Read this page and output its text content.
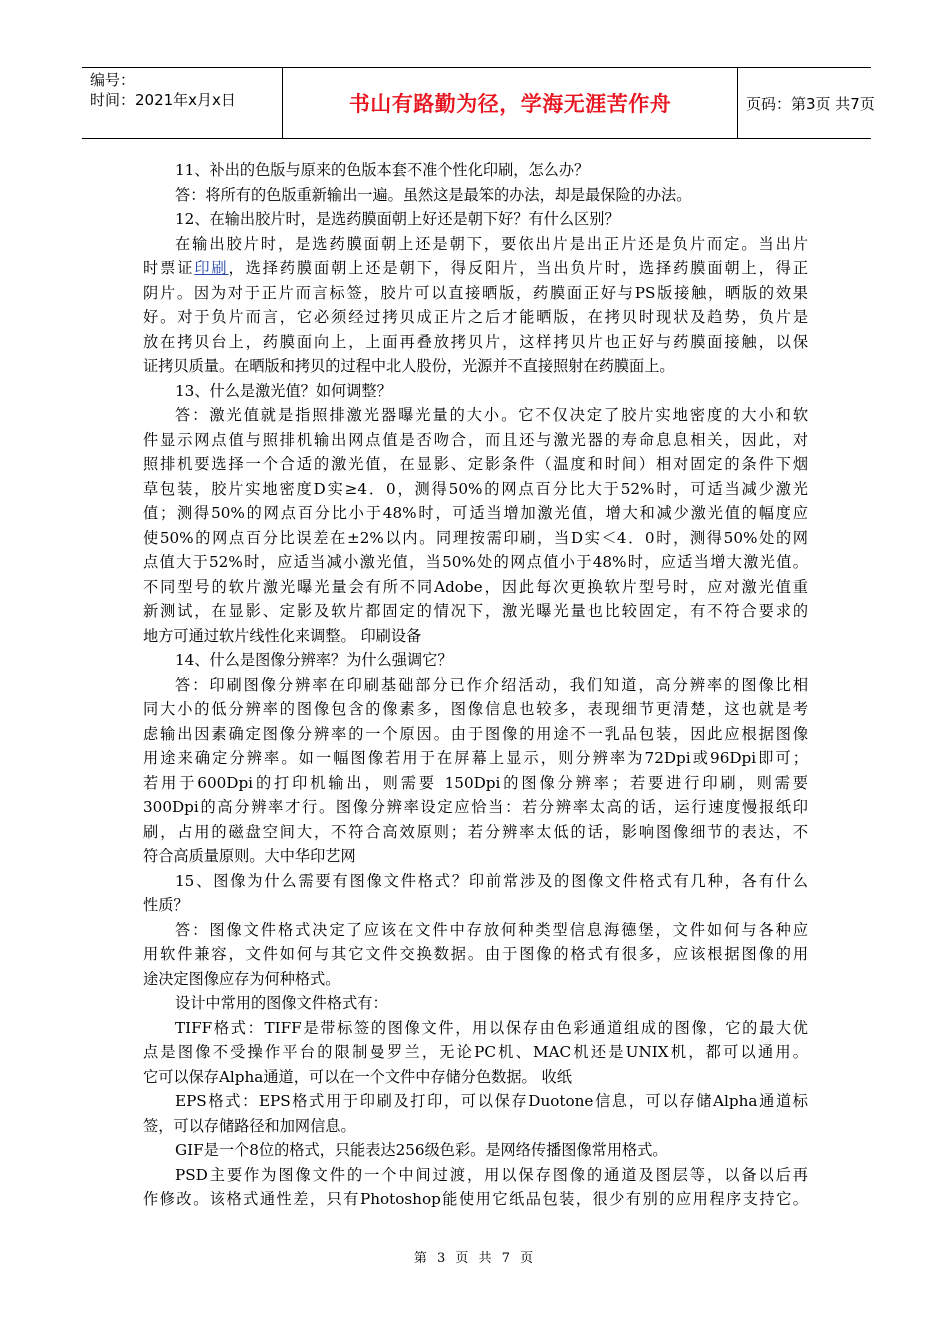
编号：
时间：2021年x月x日	书山有路勤为径，学海无涯苦作舟	页码：第3页 共7页
11、补出的色版与原来的色版本套不准个性化印刷，怎么办？
答：将所有的色版重新输出一遍。虽然这是最笨的办法，却是最保险的办法。
12、在输出胶片时，是选药膜面朝上好还是朝下好？有什么区别？
在输出胶片时，是选药膜面朝上还是朝下，要依出片是出正片还是负片而定。当出片
时票证印刷，选择药膜面朝上还是朝下，得反阳片，当出负片时，选择药膜面朝上，得正
阴片。因为对于正片而言标签，胶片可以直接晒版，药膜面正好与PS版接触，晒版的效果
好。对于负片而言，它必须经过拷贝成正片之后才能晒版，在拷贝时现状及趋势，负片是
放在拷贝台上，药膜面向上，上面再叠放拷贝片，这样拷贝片也正好与药膜面接触，以保
证拷贝质量。在晒版和拷贝的过程中北人股份，光源并不直接照射在药膜面上。
13、什么是激光值？如何调整？
答：激光值就是指照排激光器曝光量的大小。它不仅决定了胶片实地密度的大小和软
件显示网点值与照排机输出网点值是否吻合，而且还与激光器的寿命息息相关，因此，对
照排机要选择一个合适的激光值，在显影、定影条件（温度和时间）相对固定的条件下烟
草包装，胶片实地密度D实≥4．0，测得50%的网点百分比大于52%时，可适当减少激光
值；测得50%的网点百分比小于48%时，可适当增加激光值，增大和减少激光值的幅度应
使50%的网点百分比误差在±2%以内。同理按需印刷，当D实＜4．0时，测得50%处的网
点值大于52%时，应适当减小激光值，当50%处的网点值小于48%时，应适当增大激光值。
不同型号的软片激光曝光量会有所不同Adobe，因此每次更换软片型号时，应对激光值重
新测试，在显影、定影及软片都固定的情况下，激光曝光量也比较固定，有不符合要求的
地方可通过软片线性化来调整。 印刷设备
14、什么是图像分辨率？为什么强调它？
答：印刷图像分辨率在印刷基础部分已作介绍活动，我们知道，高分辨率的图像比相
同大小的低分辨率的图像包含的像素多，图像信息也较多，表现细节更清楚，这也就是考
虑输出因素确定图像分辨率的一个原因。由于图像的用途不一乳品包装，因此应根据图像
用途来确定分辨率。如一幅图像若用于在屏幕上显示，则分辨率为72Dpi或96Dpi即可；
若用于600Dpi的打印机输出，则需要 150Dpi的图像分辨率；若要进行印刷，则需要
300Dpi的高分辨率才行。图像分辨率设定应恰当：若分辨率太高的话，运行速度慢报纸印
刷，占用的磁盘空间大，不符合高效原则；若分辨率太低的话，影响图像细节的表达，不
符合高质量原则。大中华印艺网
15、图像为什么需要有图像文件格式？印前常涉及的图像文件格式有几种，各有什么
性质？
答：图像文件格式决定了应该在文件中存放何种类型信息海德堡，文件如何与各种应
用软件兼容，文件如何与其它文件交换数据。由于图像的格式有很多，应该根据图像的用
途决定图像应存为何种格式。
设计中常用的图像文件格式有：
TIFF格式：TIFF是带标签的图像文件，用以保存由色彩通道组成的图像，它的最大优
点是图像不受操作平台的限制曼罗兰，无论PC机、MAC机还是UNIX机，都可以通用。
它可以保存Alpha通道，可以在一个文件中存储分色数据。 收纸
EPS格式：EPS格式用于印刷及打印，可以保存Duotone信息，可以存储Alpha通道标
签，可以存储路径和加网信息。
GIF是一个8位的格式，只能表达256级色彩。是网络传播图像常用格式。
PSD主要作为图像文件的一个中间过渡，用以保存图像的通道及图层等，以备以后再
作修改。该格式通性差，只有Photoshop能使用它纸品包装，很少有别的应用程序支持它。
第 3 页 共 7 页
